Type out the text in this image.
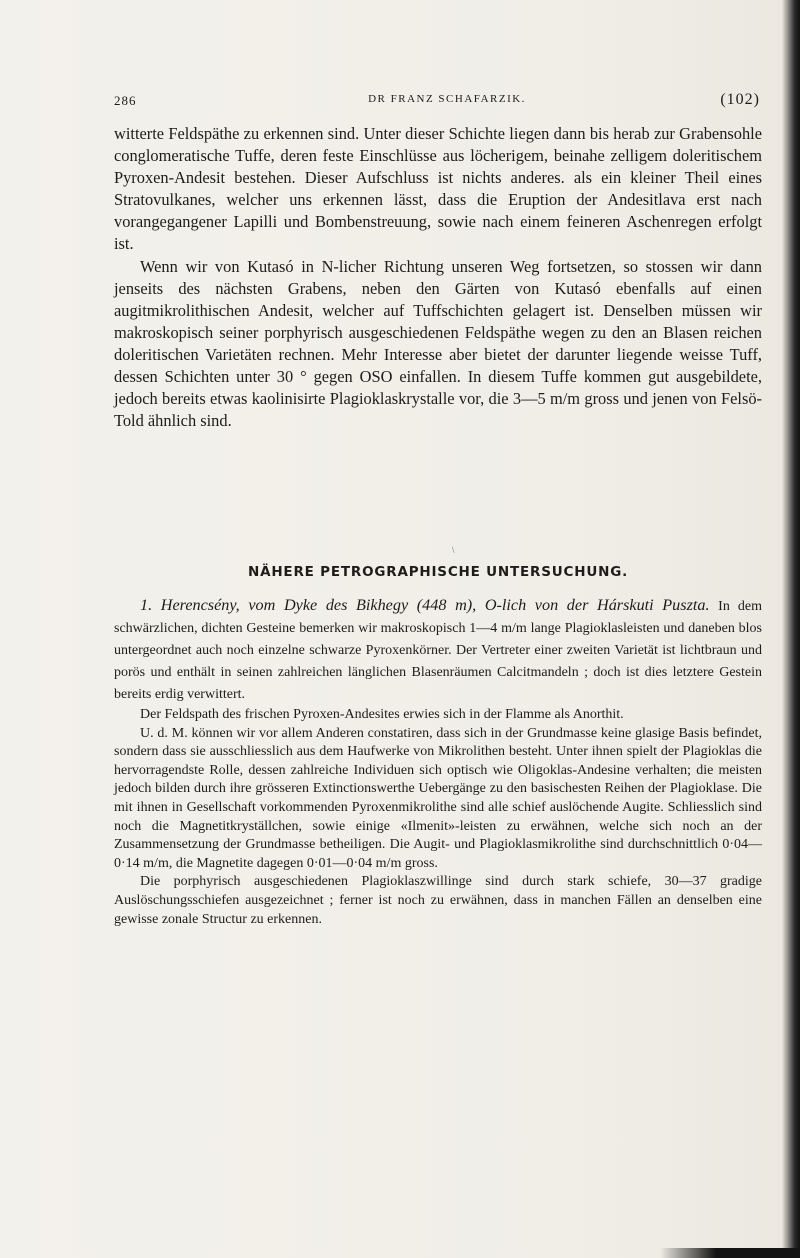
286	DR FRANZ SCHAFARZIK.	(102)

witterte Feldspäthe zu erkennen sind. Unter dieser Schichte liegen dann bis herab zur Grabensohle conglomeratische Tuffe, deren feste Einschlüsse aus löcherigem, beinahe zelligem doleritischem Pyroxen-Andesit bestehen. Dieser Aufschluss ist nichts anderes. als ein kleiner Theil eines Stratovulkanes, welcher uns erkennen lässt, dass die Eruption der Andesitlava erst nach vorangegangener Lapilli und Bombenstreuung, sowie nach einem feineren Aschenregen erfolgt ist.

Wenn wir von Kutasó in N-licher Richtung unseren Weg fortsetzen, so stossen wir dann jenseits des nächsten Grabens, neben den Gärten von Kutasó ebenfalls auf einen augitmikrolithischen Andesit, welcher auf Tuffschichten gelagert ist. Denselben müssen wir makroskopisch seiner porphyrisch ausgeschiedenen Feldspäthe wegen zu den an Blasen reichen doleritischen Varietäten rechnen. Mehr Interesse aber bietet der darunter liegende weisse Tuff, dessen Schichten unter 30 ° gegen OSO einfallen. In diesem Tuffe kommen gut ausgebildete, jedoch bereits etwas kaolinisirte Plagioklaskrystalle vor, die 3—5 m/m gross und jenen von Felsö-Told ähnlich sind.

\
NÄHERE PETROGRAPHISCHE UNTERSUCHUNG.

1. Herencsény, vom Dyke des Bikhegy (448 m), O-lich von der Hárskuti Puszta. In dem schwärzlichen, dichten Gesteine bemerken wir makroskopisch 1—4 m/m lange Plagioklasleisten und daneben blos untergeordnet auch noch einzelne schwarze Pyroxenkörner. Der Vertreter einer zweiten Varietät ist lichtbraun und porös und enthält in seinen zahlreichen länglichen Blasenräumen Calcitmandeln ; doch ist dies letztere Gestein bereits erdig verwittert.

Der Feldspath des frischen Pyroxen-Andesites erwies sich in der Flamme als Anorthit.

U. d. M. können wir vor allem Anderen constatiren, dass sich in der Grundmasse keine glasige Basis befindet, sondern dass sie ausschliesslich aus dem Haufwerke von Mikrolithen besteht. Unter ihnen spielt der Plagioklas die hervorragendste Rolle, dessen zahlreiche Individuen sich optisch wie Oligoklas-Andesine verhalten; die meisten jedoch bilden durch ihre grösseren Extinctionswerthe Uebergänge zu den basischesten Reihen der Plagioklase. Die mit ihnen in Gesellschaft vorkommenden Pyroxenmikrolithe sind alle schief auslöchende Augite. Schliesslich sind noch die Magnetitkryställchen, sowie einige «Ilmenit»-leisten zu erwähnen, welche sich noch an der Zusammensetzung der Grundmasse betheiligen. Die Augit- und Plagioklasmikrolithe sind durchschnittlich 0·04—0·14 m/m, die Magnetite dagegen 0·01—0·04 m/m gross.

Die porphyrisch ausgeschiedenen Plagioklaszwillinge sind durch stark schiefe, 30—37 gradige Auslöschungsschiefen ausgezeichnet ; ferner ist noch zu erwähnen, dass in manchen Fällen an denselben eine gewisse zonale Structur zu erkennen.
